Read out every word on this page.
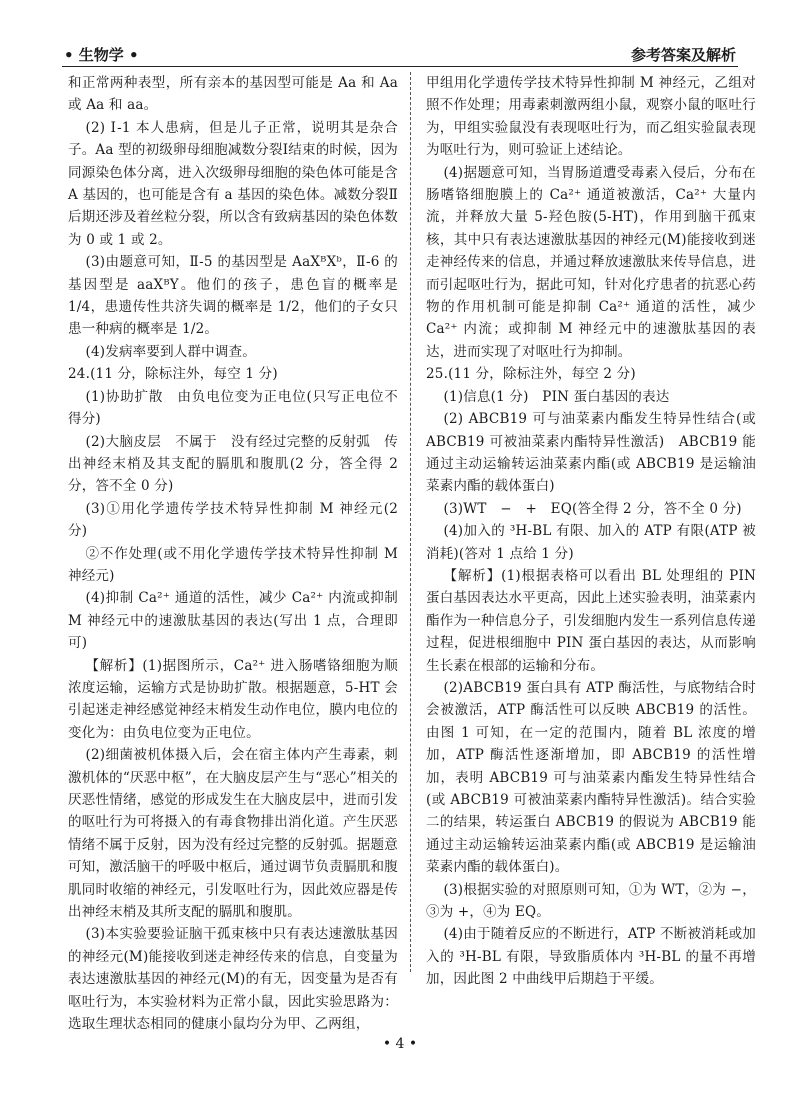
• 生物学 •	参考答案及解析

和正常两种表型，所有亲本的基因型可能是 Aa 和 Aa 或 Aa 和 aa。

(2) Ⅰ-1 本人患病，但是儿子正常，说明其是杂合子。Aa 型的初级卵母细胞减数分裂Ⅰ结束的时候，因为同源染色体分离，进入次级卵母细胞的染色体可能是含 A 基因的，也可能是含有 a 基因的染色体。减数分裂Ⅱ后期还涉及着丝粒分裂，所以含有致病基因的染色体数为 0 或 1 或 2。

(3)由题意可知，Ⅱ-5 的基因型是 AaXᴮXᵇ，Ⅱ-6 的基因型是 aaXᴮY。他们的孩子，患色盲的概率是 1/4，患遗传性共济失调的概率是 1/2，他们的子女只患一种病的概率是 1/2。

(4)发病率要到人群中调查。

24.(11 分，除标注外，每空 1 分)

(1)协助扩散　由负电位变为正电位(只写正电位不得分)

(2)大脑皮层　不属于　没有经过完整的反射弧　传出神经末梢及其支配的膈肌和腹肌(2 分，答全得 2 分，答不全 0 分)

(3)①用化学遗传学技术特异性抑制 M 神经元(2 分)

②不作处理(或不用化学遗传学技术特异性抑制 M 神经元)

(4)抑制 Ca²⁺ 通道的活性，减少 Ca²⁺ 内流或抑制 M 神经元中的速激肽基因的表达(写出 1 点，合理即可)

【解析】(1)据图所示，Ca²⁺ 进入肠嗜铬细胞为顺浓度运输，运输方式是协助扩散。根据题意，5-HT 会引起迷走神经感觉神经末梢发生动作电位，膜内电位的变化为：由负电位变为正电位。

(2)细菌被机体摄入后，会在宿主体内产生毒素，刺激机体的“厌恶中枢”，在大脑皮层产生与“恶心”相关的厌恶性情绪，感觉的形成发生在大脑皮层中，进而引发的呕吐行为可将摄入的有毒食物排出消化道。产生厌恶情绪不属于反射，因为没有经过完整的反射弧。据题意可知，激活脑干的呼吸中枢后，通过调节负责膈肌和腹肌同时收缩的神经元，引发呕吐行为，因此效应器是传出神经末梢及其所支配的膈肌和腹肌。

(3)本实验要验证脑干孤束核中只有表达速激肽基因的神经元(M)能接收到迷走神经传来的信息，自变量为表达速激肽基因的神经元(M)的有无，因变量为是否有呕吐行为，本实验材料为正常小鼠，因此实验思路为：选取生理状态相同的健康小鼠均分为甲、乙两组，

甲组用化学遗传学技术特异性抑制 M 神经元，乙组对照不作处理；用毒素刺激两组小鼠，观察小鼠的呕吐行为，甲组实验鼠没有表现呕吐行为，而乙组实验鼠表现为呕吐行为，则可验证上述结论。

(4)据题意可知，当胃肠道遭受毒素入侵后，分布在肠嗜铬细胞膜上的 Ca²⁺ 通道被激活，Ca²⁺ 大量内流，并释放大量 5-羟色胺(5-HT)，作用到脑干孤束核，其中只有表达速激肽基因的神经元(M)能接收到迷走神经传来的信息，并通过释放速激肽来传导信息，进而引起呕吐行为，据此可知，针对化疗患者的抗恶心药物的作用机制可能是抑制 Ca²⁺ 通道的活性，减少 Ca²⁺ 内流；或抑制 M 神经元中的速激肽基因的表达，进而实现了对呕吐行为抑制。

25.(11 分，除标注外，每空 2 分)

(1)信息(1 分)　PIN 蛋白基因的表达

(2) ABCB19 可与油菜素内酯发生特异性结合(或 ABCB19 可被油菜素内酯特异性激活)　ABCB19 能通过主动运输转运油菜素内酯(或 ABCB19 是运输油菜素内酯的载体蛋白)

(3)WT　−　+　EQ(答全得 2 分，答不全 0 分)

(4)加入的 ³H-BL 有限、加入的 ATP 有限(ATP 被消耗)(答对 1 点给 1 分)

【解析】(1)根据表格可以看出 BL 处理组的 PIN 蛋白基因表达水平更高，因此上述实验表明，油菜素内酯作为一种信息分子，引发细胞内发生一系列信息传递过程，促进根细胞中 PIN 蛋白基因的表达，从而影响生长素在根部的运输和分布。

(2)ABCB19 蛋白具有 ATP 酶活性，与底物结合时会被激活，ATP 酶活性可以反映 ABCB19 的活性。由图 1 可知，在一定的范围内，随着 BL 浓度的增加，ATP 酶活性逐渐增加，即 ABCB19 的活性增加，表明 ABCB19 可与油菜素内酯发生特异性结合(或 ABCB19 可被油菜素内酯特异性激活)。结合实验二的结果，转运蛋白 ABCB19 的假说为 ABCB19 能通过主动运输转运油菜素内酯(或 ABCB19 是运输油菜素内酯的载体蛋白)。

(3)根据实验的对照原则可知，①为 WT，②为 −，③为 +，④为 EQ。

(4)由于随着反应的不断进行，ATP 不断被消耗或加入的 ³H-BL 有限，导致脂质体内 ³H-BL 的量不再增加，因此图 2 中曲线甲后期趋于平缓。

• 4 •
